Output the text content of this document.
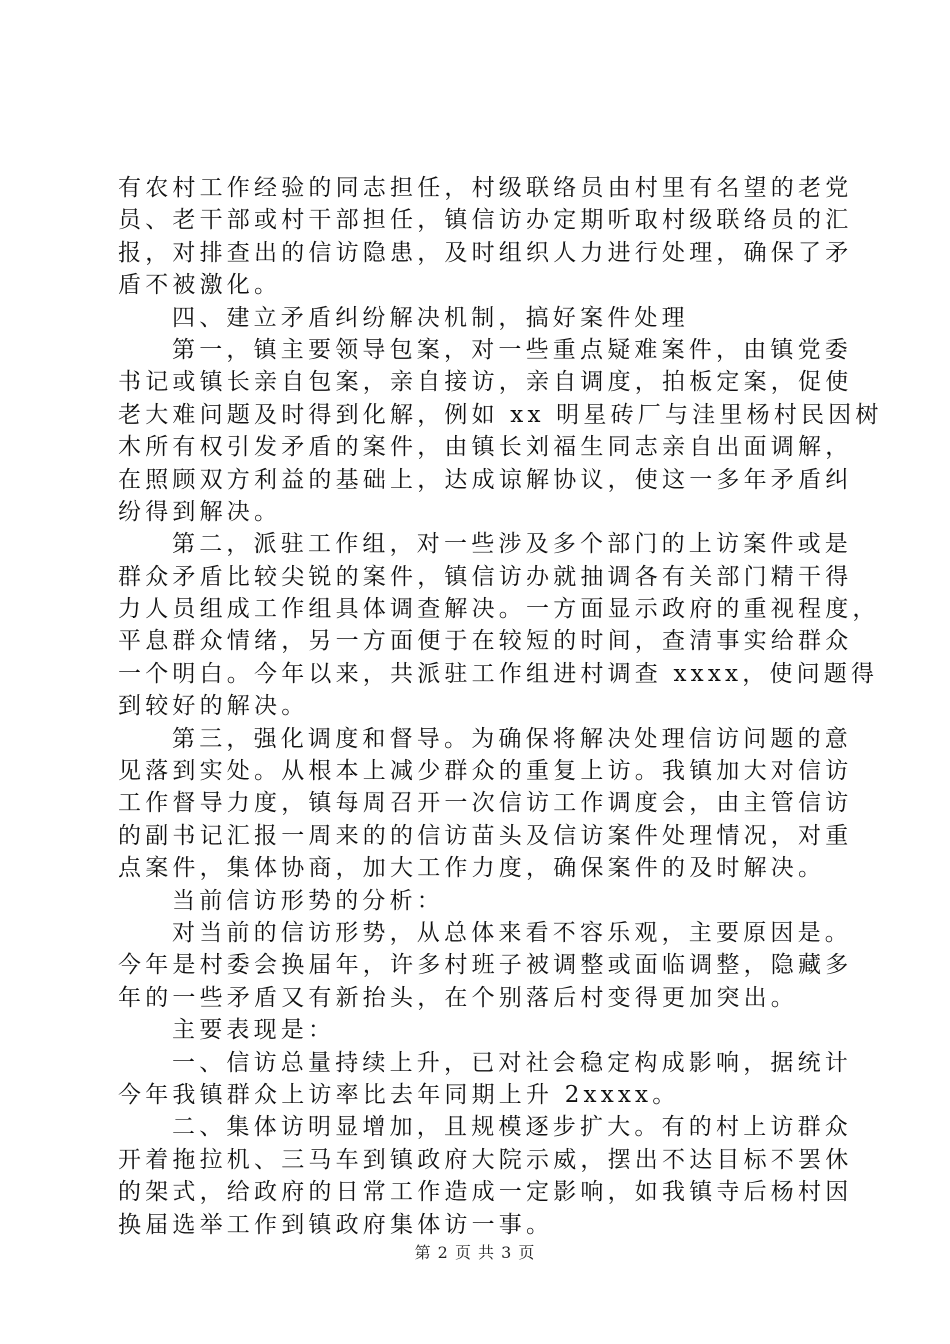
有农村工作经验的同志担任，村级联络员由村里有名望的老党
员、老干部或村干部担任，镇信访办定期听取村级联络员的汇
报，对排查出的信访隐患，及时组织人力进行处理，确保了矛
盾不被激化。
四、建立矛盾纠纷解决机制，搞好案件处理
第一，镇主要领导包案，对一些重点疑难案件，由镇党委
书记或镇长亲自包案，亲自接访，亲自调度，拍板定案，促使
老大难问题及时得到化解，例如 xx 明星砖厂与洼里杨村民因树
木所有权引发矛盾的案件，由镇长刘福生同志亲自出面调解，
在照顾双方利益的基础上，达成谅解协议，使这一多年矛盾纠
纷得到解决。
第二，派驻工作组，对一些涉及多个部门的上访案件或是
群众矛盾比较尖锐的案件，镇信访办就抽调各有关部门精干得
力人员组成工作组具体调查解决。一方面显示政府的重视程度，
平息群众情绪，另一方面便于在较短的时间，查清事实给群众
一个明白。今年以来，共派驻工作组进村调查 xxxx，使问题得
到较好的解决。
第三，强化调度和督导。为确保将解决处理信访问题的意
见落到实处。从根本上减少群众的重复上访。我镇加大对信访
工作督导力度，镇每周召开一次信访工作调度会，由主管信访
的副书记汇报一周来的的信访苗头及信访案件处理情况，对重
点案件，集体协商，加大工作力度，确保案件的及时解决。
当前信访形势的分析：
对当前的信访形势，从总体来看不容乐观，主要原因是。
今年是村委会换届年，许多村班子被调整或面临调整，隐藏多
年的一些矛盾又有新抬头，在个别落后村变得更加突出。
主要表现是：
一、信访总量持续上升，已对社会稳定构成影响，据统计
今年我镇群众上访率比去年同期上升 2xxxx。
二、集体访明显增加，且规模逐步扩大。有的村上访群众
开着拖拉机、三马车到镇政府大院示威，摆出不达目标不罢休
的架式，给政府的日常工作造成一定影响，如我镇寺后杨村因
换届选举工作到镇政府集体访一事。
第 2 页 共 3 页
